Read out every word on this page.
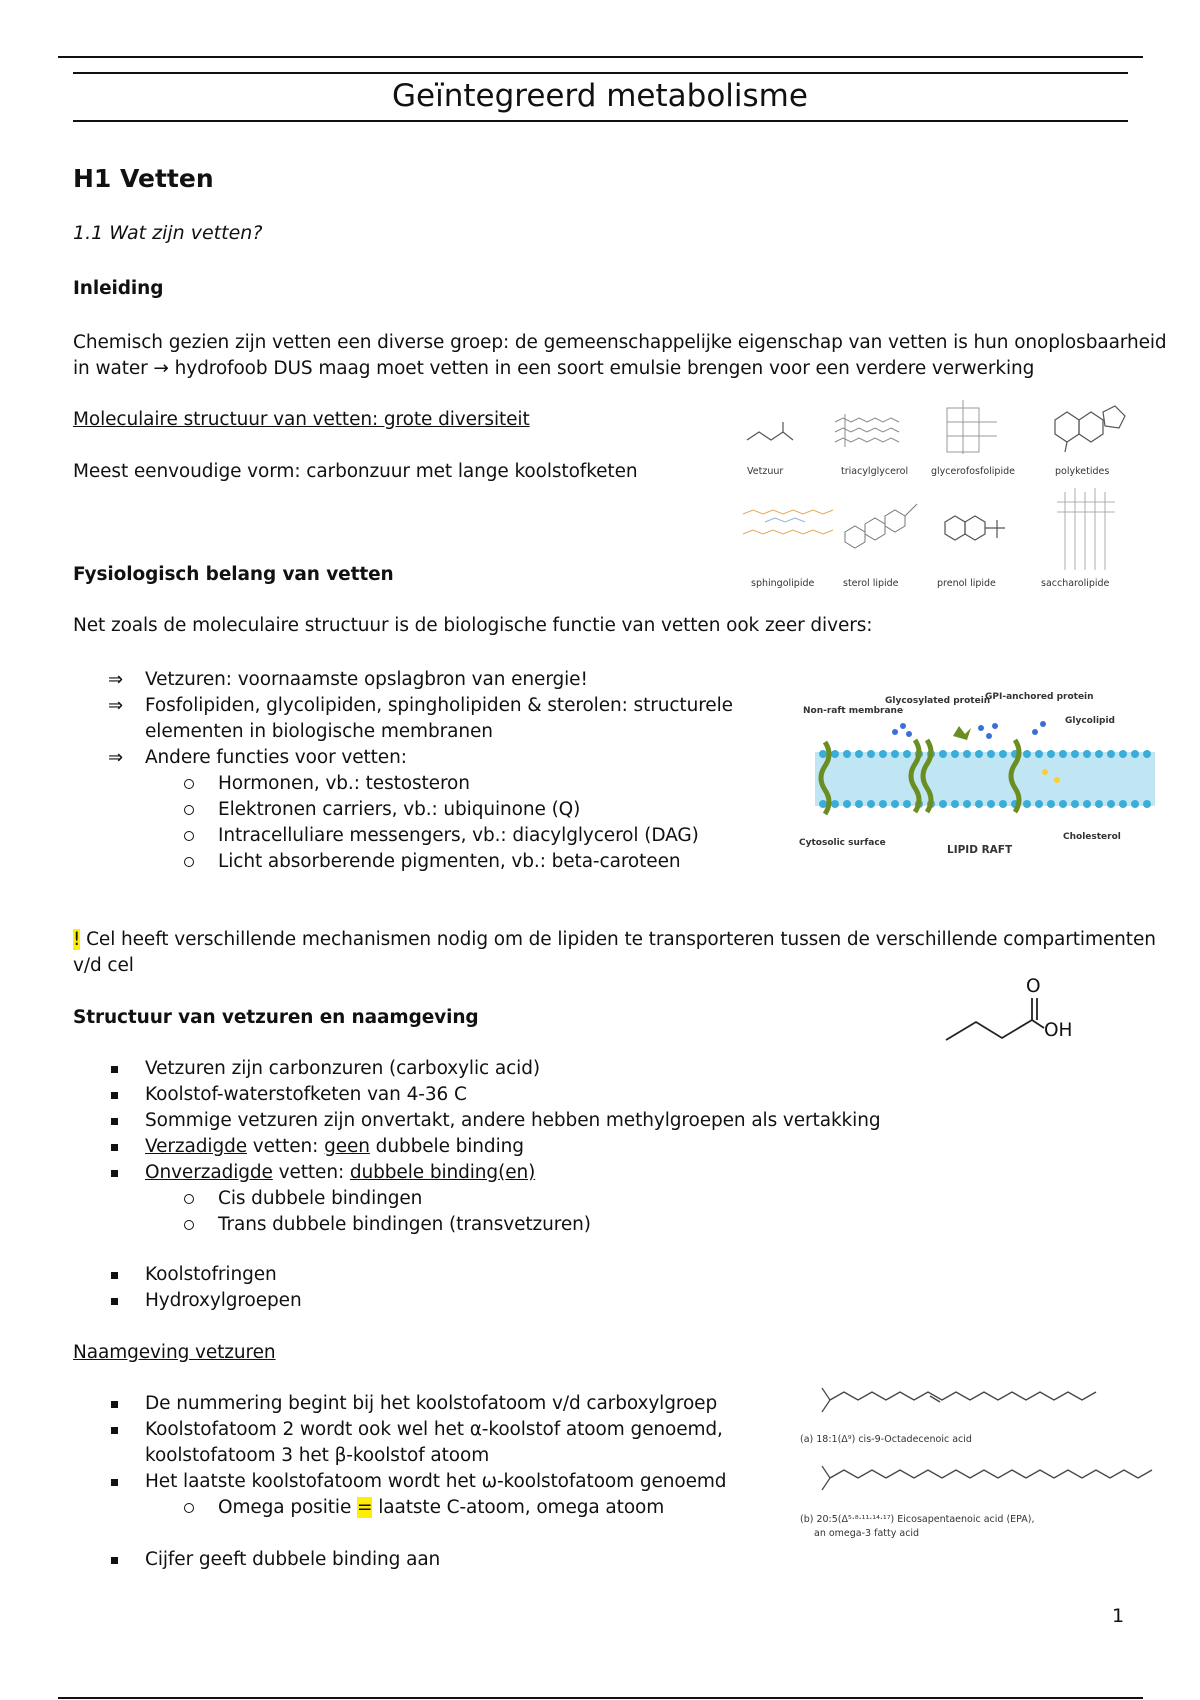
Geïntegreerd metabolisme
H1 Vetten
1.1 Wat zijn vetten?
Inleiding
Chemisch gezien zijn vetten een diverse groep: de gemeenschappelijke eigenschap van vetten is hun onoplosbaarheid
in water → hydrofoob DUS maag moet vetten in een soort emulsie brengen voor een verdere verwerking
Moleculaire structuur van vetten: grote diversiteit
Meest eenvoudige vorm: carbonzuur met lange koolstofketen	Vetzuur	triacylglycerol glycerofosfolipide	polyketides
sphingolipide	sterol lipide	prenol lipide	saccharolipide
Fysiologisch belang van vetten
Net zoals de moleculaire structuur is de biologische functie van vetten ook zeer divers:
⇒	Vetzuren: voornaamste opslagbron van energie!
⇒	Fosfolipiden, glycolipiden, spingholipiden & sterolen: structurele
elementen in biologische membranen
⇒	Andere functies voor vetten:
Hormonen, vb.: testosteron
Elektronen carriers, vb.: ubiquinone (Q)
Intracelluliare messengers, vb.: diacylglycerol (DAG)
Licht absorberende pigmenten, vb.: beta-caroteen
Glycosylated protein
GPI-anchored protein
Non-raft membrane
Glycolipid
Cytosolic surface
LIPID RAFT
Cholesterol
! Cel heeft verschillende mechanismen nodig om de lipiden te transporteren tussen de verschillende compartimenten
v/d cel
Structuur van vetzuren en naamgeving
O
OH
Vetzuren zijn carbonzuren (carboxylic acid)
Koolstof-waterstofketen van 4-36 C
Sommige vetzuren zijn onvertakt, andere hebben methylgroepen als vertakking
Verzadigde vetten: geen dubbele binding
Onverzadigde vetten: dubbele binding(en)
Cis dubbele bindingen
Trans dubbele bindingen (transvetzuren)
Koolstofringen
Hydroxylgroepen
Naamgeving vetzuren
De nummering begint bij het koolstofatoom v/d carboxylgroep
Koolstofatoom 2 wordt ook wel het α-koolstof atoom genoemd,
koolstofatoom 3 het β-koolstof atoom
Het laatste koolstofatoom wordt het ω-koolstofatoom genoemd
Omega positie = laatste C-atoom, omega atoom
Cijfer geeft dubbele binding aan
(a) 18:1(Δ⁹) cis-9-Octadecenoic acid
(b) 20:5(Δ⁵·⁸·¹¹·¹⁴·¹⁷) Eicosapentaenoic acid (EPA),
an omega-3 fatty acid
1
